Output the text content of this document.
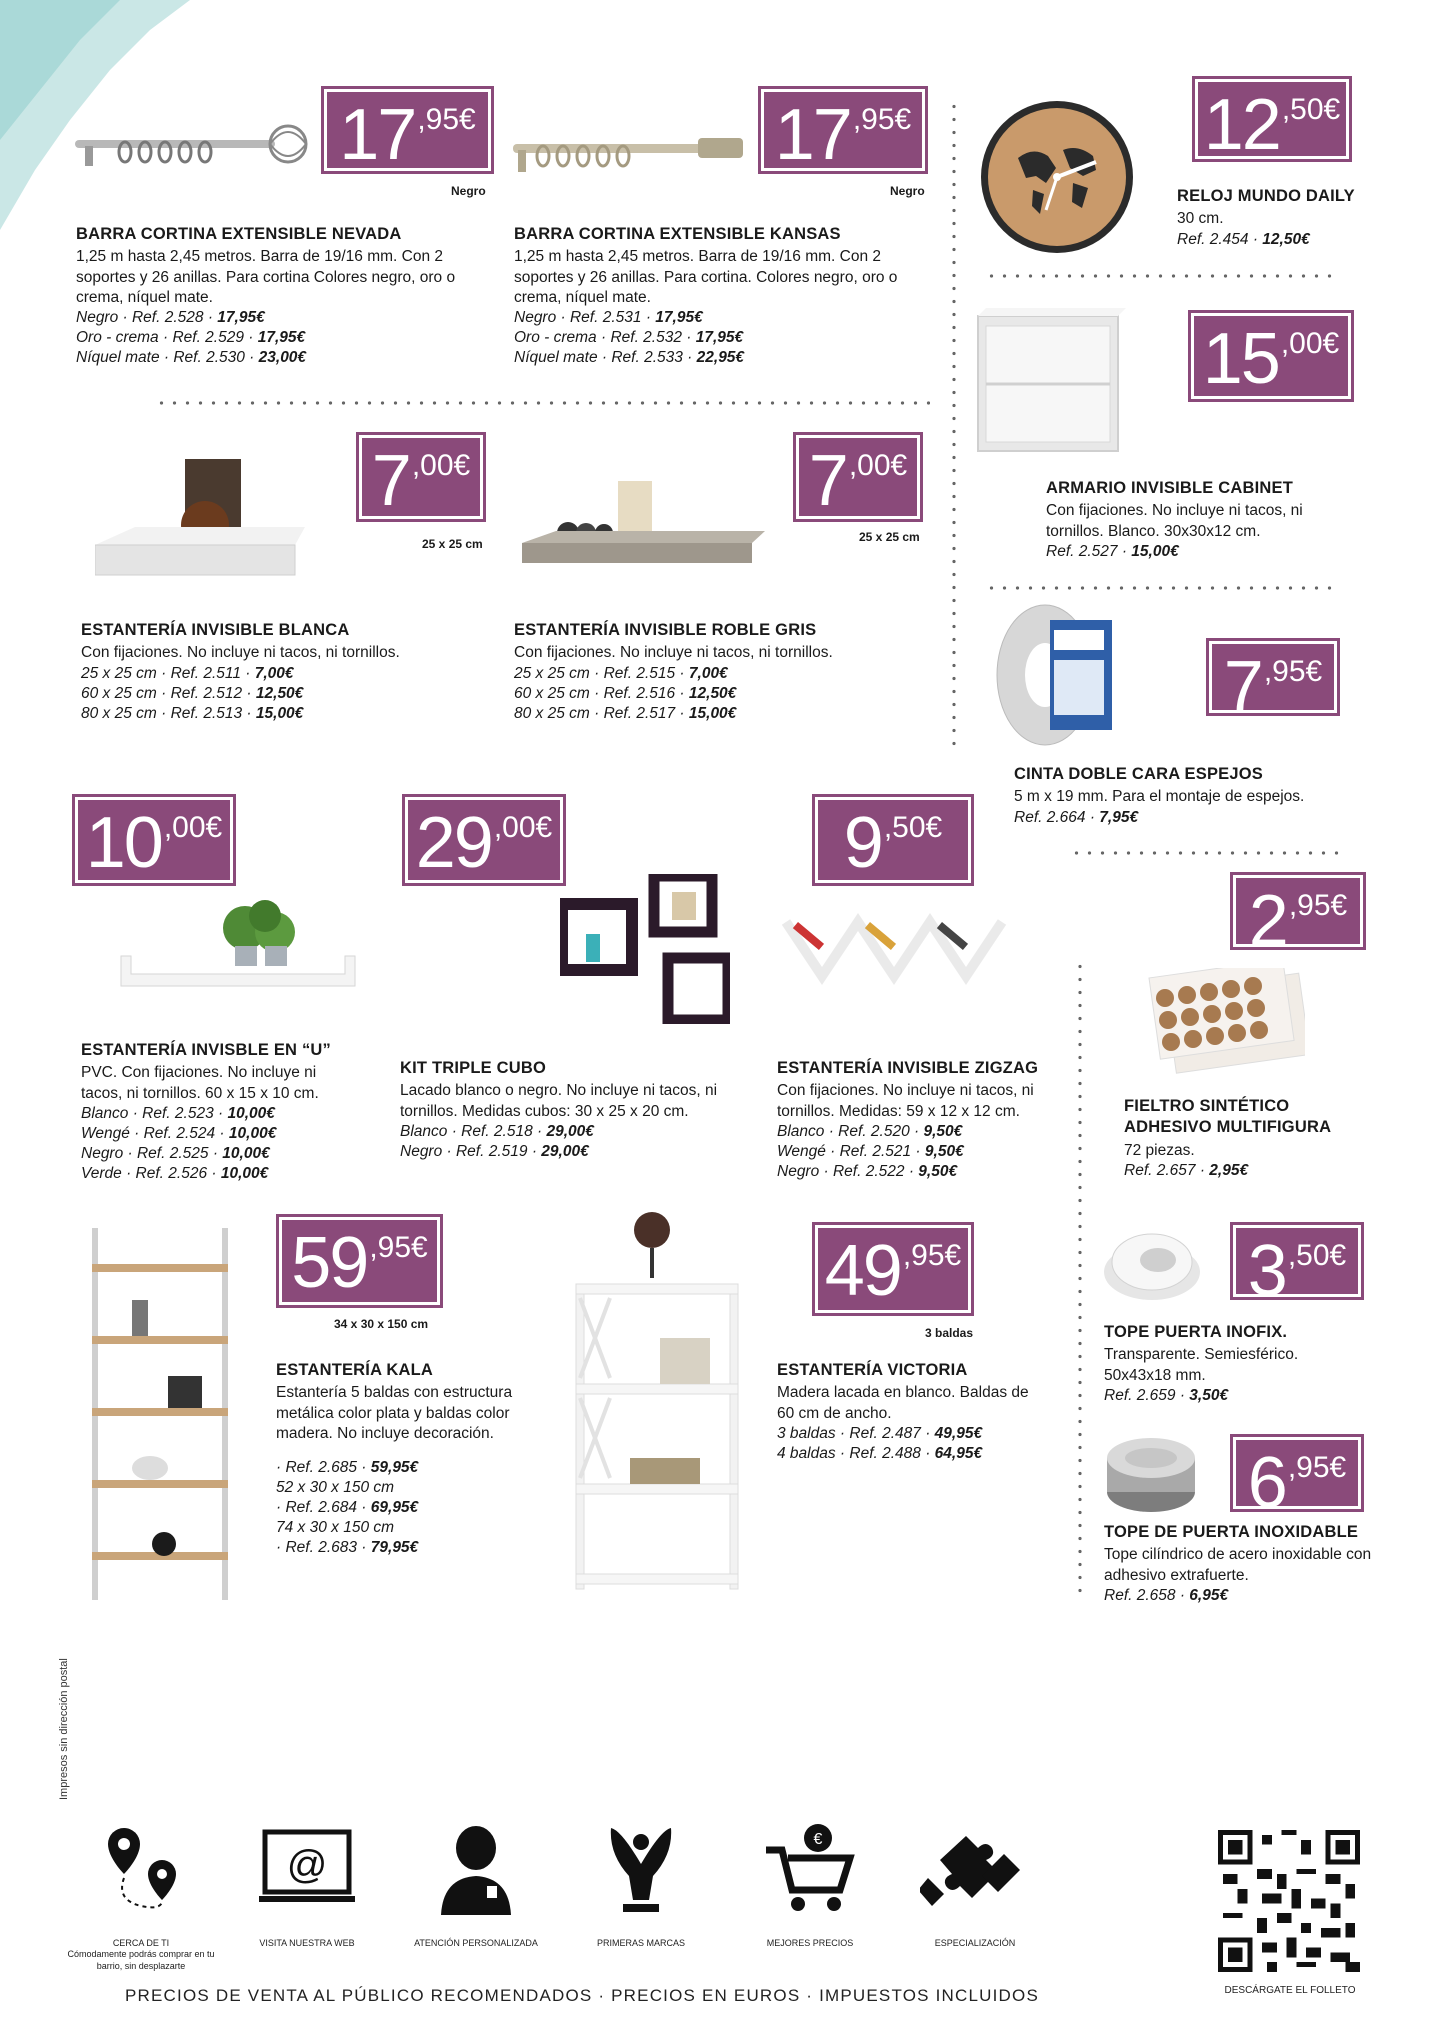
17 ,95€
Negro
BARRA CORTINA EXTENSIBLE NEVADA
1,25 m hasta 2,45 metros. Barra de 19/16 mm. Con 2 soportes y 26 anillas. Para cortina Colores negro, oro o crema, níquel mate.
Negro · Ref. 2.528 · 17,95€
Oro - crema · Ref. 2.529 · 17,95€
Níquel mate · Ref. 2.530 · 23,00€
17 ,95€
Negro
BARRA CORTINA EXTENSIBLE KANSAS
1,25 m hasta 2,45 metros. Barra de 19/16 mm. Con 2 soportes y 26 anillas. Para cortina. Colores negro, oro o crema, níquel mate.
Negro · Ref. 2.531 · 17,95€
Oro - crema · Ref. 2.532 · 17,95€
Níquel mate · Ref. 2.533 · 22,95€
12 ,50€
RELOJ MUNDO DAILY
30 cm.
Ref. 2.454 · 12,50€
15 ,00€
ARMARIO INVISIBLE CABINET
Con fijaciones. No incluye ni tacos, ni tornillos. Blanco. 30x30x12 cm.
Ref. 2.527 · 15,00€
7 ,00€
25 x 25 cm
ESTANTERÍA INVISIBLE BLANCA
Con fijaciones. No incluye ni tacos, ni tornillos.
25 x 25 cm · Ref. 2.511 · 7,00€
60 x 25 cm · Ref. 2.512 · 12,50€
80 x 25 cm · Ref. 2.513 · 15,00€
7 ,00€
25 x 25 cm
ESTANTERÍA INVISIBLE ROBLE GRIS
Con fijaciones. No incluye ni tacos, ni tornillos.
25 x 25 cm · Ref. 2.515 · 7,00€
60 x 25 cm · Ref. 2.516 · 12,50€
80 x 25 cm · Ref. 2.517 · 15,00€	7 ,95€
CINTA DOBLE CARA ESPEJOS
5 m x 19 mm. Para el montaje de espejos.
Ref. 2.664 · 7,95€
10 ,00€
ESTANTERÍA INVISBLE EN “U”
PVC. Con fijaciones. No incluye ni tacos, ni tornillos. 60 x 15 x 10 cm.
Blanco · Ref. 2.523 · 10,00€
Wengé · Ref. 2.524 · 10,00€
Negro · Ref. 2.525 · 10,00€
Verde · Ref. 2.526 · 10,00€
29 ,00€
KIT TRIPLE CUBO
Lacado blanco o negro. No incluye ni tacos, ni tornillos. Medidas cubos: 30 x 25 x 20 cm.
Blanco · Ref. 2.518 · 29,00€
Negro · Ref. 2.519 · 29,00€
9 ,50€
ESTANTERÍA INVISIBLE ZIGZAG
Con fijaciones. No incluye ni tacos, ni tornillos. Medidas: 59 x 12 x 12 cm.
Blanco · Ref. 2.520 · 9,50€
Wengé · Ref. 2.521 · 9,50€
Negro · Ref. 2.522 · 9,50€
2 ,95€
FIELTRO SINTÉTICO ADHESIVO MULTIFIGURA
72 piezas.
Ref. 2.657 · 2,95€
59 ,95€
34 x 30 x 150 cm
ESTANTERÍA KALA
Estantería 5 baldas con estructura metálica color plata y baldas color madera. No incluye decoración.
· Ref. 2.685 · 59,95€
52 x 30 x 150 cm
· Ref. 2.684 · 69,95€
74 x 30 x 150 cm
· Ref. 2.683 · 79,95€
49 ,95€
3 baldas
ESTANTERÍA VICTORIA
Madera lacada en blanco. Baldas de 60 cm de ancho.
3 baldas · Ref. 2.487 · 49,95€
4 baldas · Ref. 2.488 · 64,95€
3 ,50€
TOPE PUERTA INOFIX.
Transparente. Semiesférico. 50x43x18 mm.
Ref. 2.659 · 3,50€
6 ,95€
TOPE DE PUERTA INOXIDABLE
Tope cilíndrico de acero inoxidable con adhesivo extrafuerte.
Ref. 2.658 · 6,95€
Impresos sin dirección postal
CERCA DE TI
Cómodamente podrás comprar en tu barrio, sin desplazarte
@
VISITA NUESTRA WEB	ATENCIÓN PERSONALIZADA	PRIMERAS MARCAS
€
MEJORES PRECIOS	ESPECIALIZACIÓN
DESCÁRGATE EL FOLLETO
PRECIOS DE VENTA AL PÚBLICO RECOMENDADOS · PRECIOS EN EUROS · IMPUESTOS INCLUIDOS
